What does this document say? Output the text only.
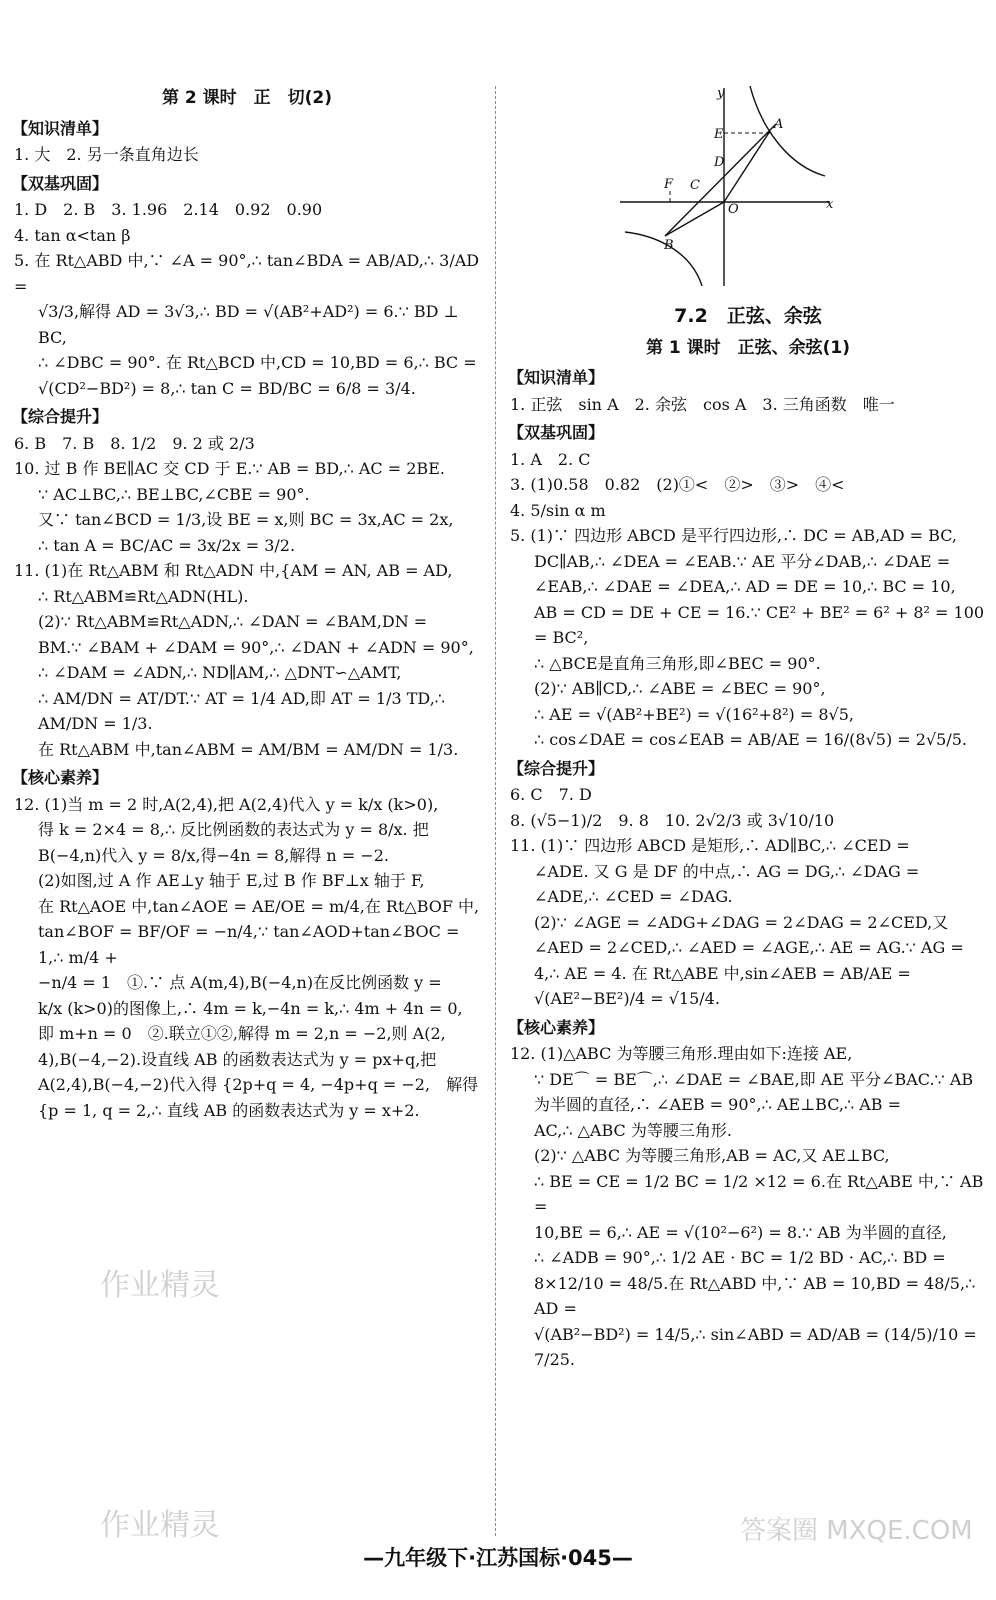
第 2 课时　正　切(2)
【知识清单】
1. 大　2. 另一条直角边长
【双基巩固】
1. D　2. B　3. 1.96　2.14　0.92　0.90
4. tan α<tan β
5. 在 Rt△ABD 中,∵ ∠A = 90°,∴ tan∠BDA = AB/AD,∴ 3/AD =
√3/3,解得 AD = 3√3,∴ BD = √(AB²+AD²) = 6.∵ BD ⊥ BC,
∴ ∠DBC = 90°. 在 Rt△BCD 中,CD = 10,BD = 6,∴ BC =
√(CD²−BD²) = 8,∴ tan C = BD/BC = 6/8 = 3/4.
【综合提升】
6. B　7. B　8. 1/2　9. 2 或 2/3
10. 过 B 作 BE∥AC 交 CD 于 E.∵ AB = BD,∴ AC = 2BE.
∵ AC⊥BC,∴ BE⊥BC,∠CBE = 90°.
又∵ tan∠BCD = 1/3,设 BE = x,则 BC = 3x,AC = 2x,
∴ tan A = BC/AC = 3x/2x = 3/2.
11. (1)在 Rt△ABM 和 Rt△ADN 中,{AM = AN, AB = AD,
∴ Rt△ABM≌Rt△ADN(HL).
(2)∵ Rt△ABM≌Rt△ADN,∴ ∠DAN = ∠BAM,DN =
BM.∵ ∠BAM + ∠DAM = 90°,∴ ∠DAN + ∠ADN = 90°,
∴ ∠DAM = ∠ADN,∴ ND∥AM,∴ △DNT∽△AMT,
∴ AM/DN = AT/DT.∵ AT = 1/4 AD,即 AT = 1/3 TD,∴ AM/DN = 1/3.
在 Rt△ABM 中,tan∠ABM = AM/BM = AM/DN = 1/3.
【核心素养】
12. (1)当 m = 2 时,A(2,4),把 A(2,4)代入 y = k/x (k>0),
得 k = 2×4 = 8,∴ 反比例函数的表达式为 y = 8/x. 把
B(−4,n)代入 y = 8/x,得−4n = 8,解得 n = −2.
(2)如图,过 A 作 AE⊥y 轴于 E,过 B 作 BF⊥x 轴于 F,
在 Rt△AOE 中,tan∠AOE = AE/OE = m/4,在 Rt△BOF 中,
tan∠BOF = BF/OF = −n/4,∵ tan∠AOD+tan∠BOC = 1,∴ m/4 +
−n/4 = 1　①.∵ 点 A(m,4),B(−4,n)在反比例函数 y =
k/x (k>0)的图像上,∴ 4m = k,−4n = k,∴ 4m + 4n = 0,
即 m+n = 0　②.联立①②,解得 m = 2,n = −2,则 A(2,
4),B(−4,−2).设直线 AB 的函数表达式为 y = px+q,把
A(2,4),B(−4,−2)代入得 {2p+q = 4, −4p+q = −2,　解得
{p = 1, q = 2,∴ 直线 AB 的函数表达式为 y = x+2.
y
x
E
A
D
F C
O
B
7.2　正弦、余弦
第 1 课时　正弦、余弦(1)
【知识清单】
1. 正弦　sin A　2. 余弦　cos A　3. 三角函数　唯一
【双基巩固】
1. A　2. C
3. (1)0.58　0.82　(2)①<　②>　③>　④<
4. 5/sin α m
5. (1)∵ 四边形 ABCD 是平行四边形,∴ DC = AB,AD = BC,
DC∥AB,∴ ∠DEA = ∠EAB.∵ AE 平分∠DAB,∴ ∠DAE =
∠EAB,∴ ∠DAE = ∠DEA,∴ AD = DE = 10,∴ BC = 10,
AB = CD = DE + CE = 16.∵ CE² + BE² = 6² + 8² = 100 = BC²,
∴ △BCE是直角三角形,即∠BEC = 90°.
(2)∵ AB∥CD,∴ ∠ABE = ∠BEC = 90°,
∴ AE = √(AB²+BE²) = √(16²+8²) = 8√5,
∴ cos∠DAE = cos∠EAB = AB/AE = 16/(8√5) = 2√5/5.
【综合提升】
6. C　7. D
8. (√5−1)/2　9. 8　10. 2√2/3 或 3√10/10
11. (1)∵ 四边形 ABCD 是矩形,∴ AD∥BC,∴ ∠CED =
∠ADE. 又 G 是 DF 的中点,∴ AG = DG,∴ ∠DAG =
∠ADE,∴ ∠CED = ∠DAG.
(2)∵ ∠AGE = ∠ADG+∠DAG = 2∠DAG = 2∠CED,又
∠AED = 2∠CED,∴ ∠AED = ∠AGE,∴ AE = AG.∵ AG =
4,∴ AE = 4. 在 Rt△ABE 中,sin∠AEB = AB/AE =
√(AE²−BE²)/4 = √15/4.
【核心素养】
12. (1)△ABC 为等腰三角形.理由如下:连接 AE,
∵ DE⌒ = BE⌒,∴ ∠DAE = ∠BAE,即 AE 平分∠BAC.∵ AB
为半圆的直径,∴ ∠AEB = 90°,∴ AE⊥BC,∴ AB =
AC,∴ △ABC 为等腰三角形.
(2)∵ △ABC 为等腰三角形,AB = AC,又 AE⊥BC,
∴ BE = CE = 1/2 BC = 1/2 ×12 = 6.在 Rt△ABE 中,∵ AB =
10,BE = 6,∴ AE = √(10²−6²) = 8.∵ AB 为半圆的直径,
∴ ∠ADB = 90°,∴ 1/2 AE · BC = 1/2 BD · AC,∴ BD =
8×12/10 = 48/5.在 Rt△ABD 中,∵ AB = 10,BD = 48/5,∴ AD =
√(AB²−BD²) = 14/5,∴ sin∠ABD = AD/AB = (14/5)/10 = 7/25.
作业精灵
作业精灵	答案圈 MXQE.COM
—九年级下·江苏国标·045—
